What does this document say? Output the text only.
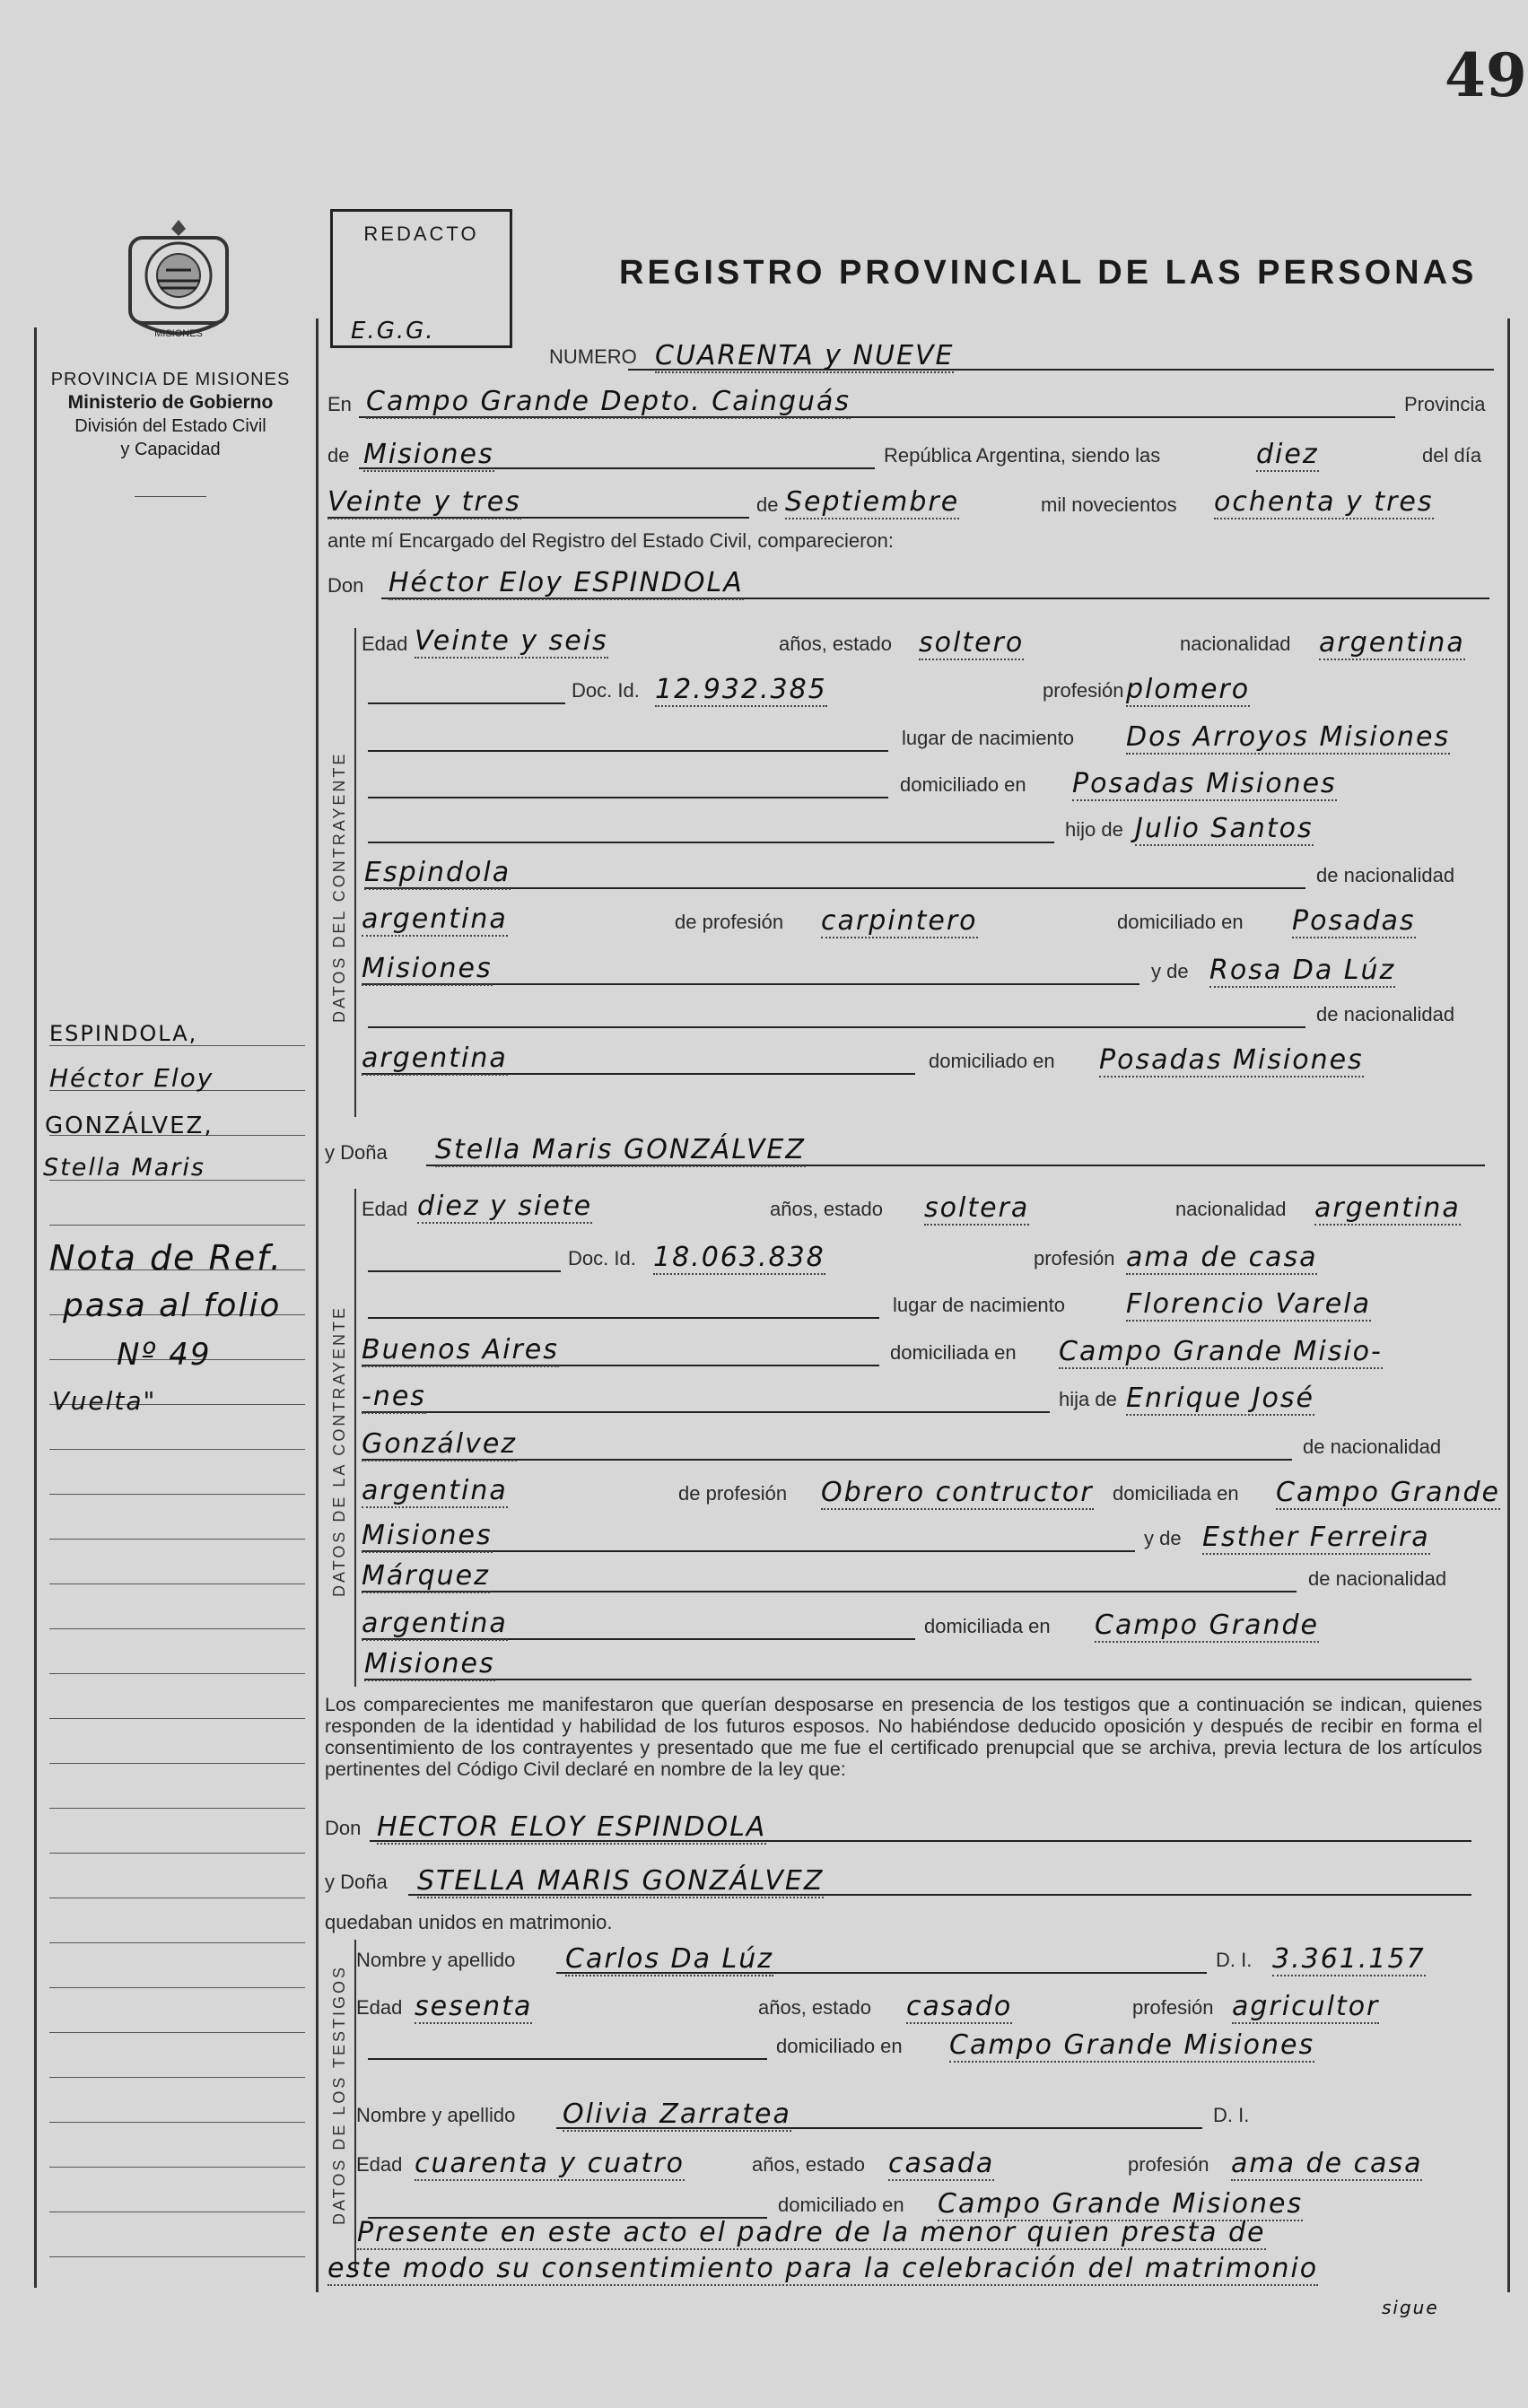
49
MISIONES
PROVINCIA DE MISIONES
Ministerio de Gobierno
División del Estado Civil
y Capacidad
REDACTO
E.G.G.
REGISTRO PROVINCIAL DE LAS PERSONAS
ESPINDOLA,
Héctor Eloy
GONZÁLVEZ,
Stella Maris
Nota de Ref.
pasa al folio
Nº 49
Vuelta"
DATOS DEL CONTRAYENTE
DATOS DE LA CONTRAYENTE
DATOS DE LOS TESTIGOS
NUMERO CUARENTA y NUEVE
En Campo Grande Depto. Cainguás	Provincia
de Misiones	República Argentina, siendo las	diez	del día
Veinte y tres	de Septiembre	mil novecientos ochenta y tres
ante mí Encargado del Registro del Estado Civil, comparecieron:
Don Héctor Eloy ESPINDOLA
Edad Veinte y seis	años, estado soltero	nacionalidad argentina
Doc. Id. 12.932.385	profesión plomero
lugar de nacimiento Dos Arroyos Misiones
domiciliado en Posadas Misiones
hijo de Julio Santos
Espindola	de nacionalidad
argentina	de profesión carpintero	domiciliado en Posadas
Misiones	y de Rosa Da Lúz
de nacionalidad
argentina	domiciliado en Posadas Misiones
y Doña Stella Maris GONZÁLVEZ
Edad diez y siete	años, estado soltera	nacionalidad argentina
Doc. Id. 18.063.838	profesión ama de casa
lugar de nacimiento Florencio Varela
Buenos Aires	domiciliada en Campo Grande Misio-
-nes	hija de Enrique José
Gonzálvez	de nacionalidad
argentina	de profesión Obrero contructor domiciliada en Campo Grande
Misiones	y de Esther Ferreira
Márquez	de nacionalidad
argentina	domiciliada en Campo Grande
Misiones
Don HECTOR ELOY ESPINDOLA
y Doña STELLA MARIS GONZÁLVEZ
quedaban unidos en matrimonio.
Nombre y apellido Carlos Da Lúz	D. I. 3.361.157
Edad sesenta	años, estado casado	profesión agricultor
domiciliado en Campo Grande Misiones
Nombre y apellido Olivia Zarratea	D. I.
Edad cuarenta y cuatro	años, estado casada	profesión ama de casa
domiciliado en Campo Grande Misiones
Presente en este acto el padre de la menor quien presta de
este modo su consentimiento para la celebración del matrimonio
Los comparecientes me manifestaron que querían desposarse en presencia de los testigos que a continuación se indican, quienes responden de la identidad y habilidad de los futuros esposos. No habiéndose deducido oposición y después de recibir en forma el consentimiento de los contrayentes y presentado que me fue el certificado prenupcial que se archiva, previa lectura de los artículos pertinentes del Código Civil declaré en nombre de la ley que:
sigue
